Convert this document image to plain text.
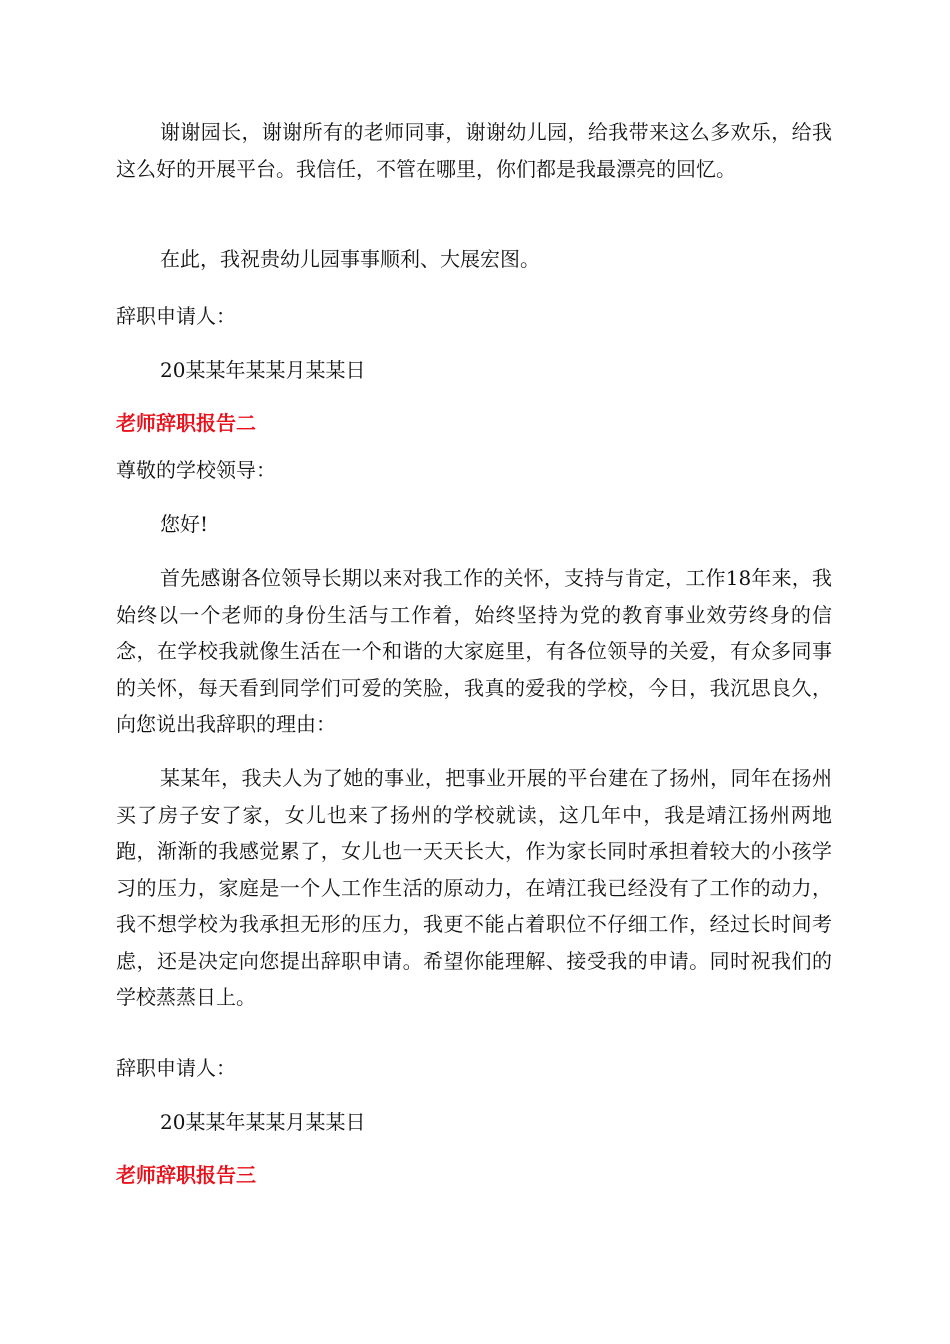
谢谢园长，谢谢所有的老师同事，谢谢幼儿园，给我带来这么多欢乐，给我这么好的开展平台。我信任，不管在哪里，你们都是我最漂亮的回忆。

在此，我祝贵幼儿园事事顺利、大展宏图。

辞职申请人：

20某某年某某月某某日

老师辞职报告二

尊敬的学校领导：

您好!

首先感谢各位领导长期以来对我工作的关怀，支持与肯定，工作18年来，我始终以一个老师的身份生活与工作着，始终坚持为党的教育事业效劳终身的信念，在学校我就像生活在一个和谐的大家庭里，有各位领导的关爱，有众多同事的关怀，每天看到同学们可爱的笑脸，我真的爱我的学校，今日，我沉思良久，向您说出我辞职的理由：

某某年，我夫人为了她的事业，把事业开展的平台建在了扬州，同年在扬州买了房子安了家，女儿也来了扬州的学校就读，这几年中，我是靖江扬州两地跑，渐渐的我感觉累了，女儿也一天天长大，作为家长同时承担着较大的小孩学习的压力，家庭是一个人工作生活的原动力，在靖江我已经没有了工作的动力，我不想学校为我承担无形的压力，我更不能占着职位不仔细工作，经过长时间考虑，还是决定向您提出辞职申请。希望你能理解、接受我的申请。同时祝我们的学校蒸蒸日上。

辞职申请人：

20某某年某某月某某日

老师辞职报告三
